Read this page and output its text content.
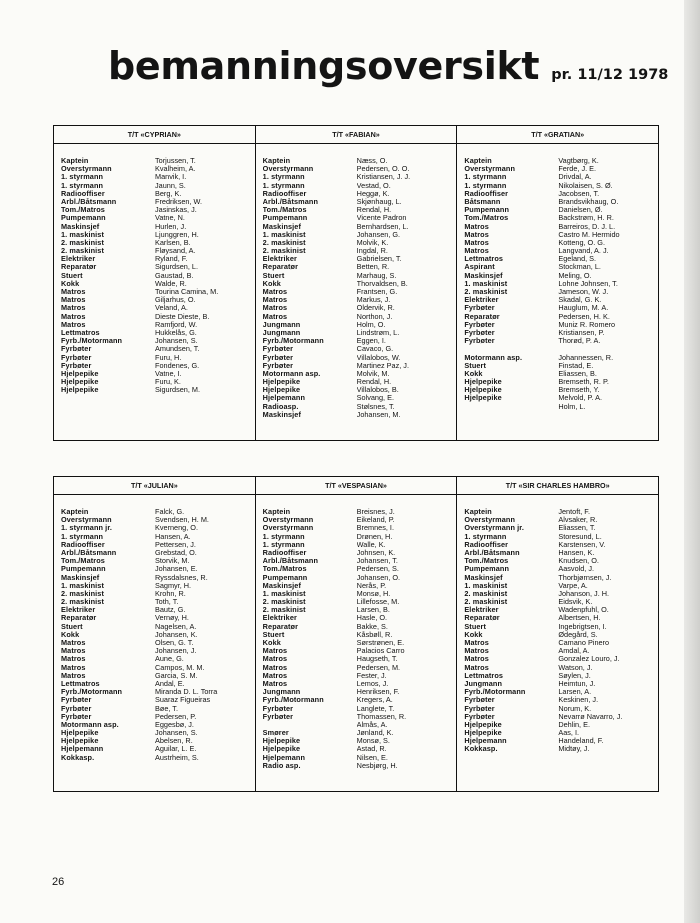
bemanningsoversikt pr. 11/12 1978
T/T «CYPRIAN»
Kaptein	Torjussen, T.
Overstyrmann	Kvalheim, A.
1. styrmann	Manvik, I.
1. styrmann	Jaunn, S.
Radiooffiser	Berg, K.
Arbl./Båtsmann	Fredriksen, W.
Tom./Matros	Jasinskas, J.
Pumpemann	Vatne, N.
Maskinsjef	Hurlen, J.
1. maskinist	Ljunggren, H.
2. maskinist	Karlsen, B.
2. maskinist	Fløysand, A.
Elektriker	Ryland, F.
Reparatør	Sigurdsen, L.
Stuert	Gaustad, B.
Kokk	Walde, R.
Matros	Tourina Camina, M.
Matros	Giljarhus, O.
Matros	Veland, A.
Matros	Dieste Dieste, B.
Matros	Ramfjord, W.
Lettmatros	Hukkelås, G.
Fyrb./Motormann	Johansen, S.
Fyrbøter	Amundsen, T.
Fyrbøter	Furu, H.
Fyrbøter	Fondenes, G.
Hjelpepike	Vatne, I.
Hjelpepike	Furu, K.
Hjelpepike	Sigurdsen, M.
T/T «FABIAN»
Kaptein	Næss, O.
Overstyrmann	Pedersen, O. O.
1. styrmann	Kristiansen, J. J.
1. styrmann	Vestad, O.
Radiooffiser	Heggø, K.
Arbl./Båtsmann	Skjønhaug, L.
Tom./Matros	Rendal, H.
Pumpemann	Vicente Padron
Maskinsjef	Bernhardsen, L.
1. maskinist	Johansen, G.
2. maskinist	Molvik, K.
2. maskinist	Ingdal, R.
Elektriker	Gabrielsen, T.
Reparatør	Betten, R.
Stuert	Marhaug, S.
Kokk	Thorvaldsen, B.
Matros	Frantsen, G.
Matros	Markus, J.
Matros	Oldervik, R.
Matros	Northon, J.
Jungmann	Holm, O.
Jungmann	Lindstrøm, L.
Fyrb./Motormann	Eggen, I.
Fyrbøter	Cavaco, G.
Fyrbøter	Villalobos, W.
Fyrbøter	Martinez Paz, J.
Motormann asp.	Molvik, M.
Hjelpepike	Rendal, H.
Hjelpepike	Villalobos, B.
Hjelpemann	Solvang, E.
Radioasp.	Stølsnes, T.
Maskinsjef	Johansen, M.
T/T «GRATIAN»
Kaptein	Vagtbørg, K.
Overstyrmann	Ferde, J. E.
1. styrmann	Drivdal, A.
1. styrmann	Nikolaisen, S. Ø.
Radiooffiser	Jacobsen, T.
Båtsmann	Brandsvikhaug, O.
Pumpemann	Danielsen, Ø.
Tom./Matros	Backstrøm, H. R.
Matros	Barreiros, D. J. L.
Matros	Castro M. Hermido
Matros	Kotteng, O. G.
Matros	Langvand, A. J.
Lettmatros	Egeland, S.
Aspirant	Stockman, L.
Maskinsjef	Meling, O.
1. maskinist	Lohne Johnsen, T.
2. maskinist	Jameson, W. J.
Elektriker	Skadal, G. K.
Fyrbøter	Hauglum, M. A.
Reparatør	Pedersen, H. K.
Fyrbøter	Muniz R. Romero
Fyrbøter	Kristiansen, P.
Fyrbøter	Thorød, P. A.
Motormann asp.	Johannessen, R.
Stuert	Finstad, E.
Kokk	Eliassen, B.
Hjelpepike	Bremseth, R. P.
Hjelpepike	Bremseth, Y.
Hjelpepike	Melvold, P. A.
Holm, L.
T/T «JULIAN»
Kaptein	Falck, G.
Overstyrmann	Svendsen, H. M.
1. styrmann jr.	Kverneng, O.
1. styrmann	Hansen, A.
Radiooffiser	Pettersen, J.
Arbl./Båtsmann	Grebstad, O.
Tom./Matros	Storvik, M.
Pumpemann	Johansen, E.
Maskinsjef	Ryssdalsnes, R.
1. maskinist	Sagmyr, H.
2. maskinist	Krohn, R.
2. maskinist	Toth, T.
Elektriker	Bautz, G.
Reparatør	Vernøy, H.
Stuert	Nagelsen, A.
Kokk	Johansen, K.
Matros	Olsen, G. T.
Matros	Johansen, J.
Matros	Aune, G.
Matros	Campos, M. M.
Matros	Garcia, S. M.
Lettmatros	Andal, E.
Fyrb./Motormann	Miranda D. L. Torra
Fyrbøter	Suaraz Figueiras
Fyrbøter	Bøe, T.
Fyrbøter	Pedersen, P.
Motormann asp.	Eggesbø, J.
Hjelpepike	Johansen, S.
Hjelpepike	Abelsen, R.
Hjelpemann	Aguilar, L. E.
Kokkasp.	Austrheim, S.
T/T «VESPASIAN»
Kaptein	Breisnes, J.
Overstyrmann	Eikeland, P.
Overstyrmann	Bremnes, I.
1. styrmann	Drønen, H.
1. styrmann	Walle, K.
Radiooffiser	Johnsen, K.
Arbl./Båtsmann	Johansen, T.
Tom./Matros	Pedersen, S.
Pumpemann	Johansen, O.
Maskinsjef	Nerås, P.
1. maskinist	Monsø, H.
2. maskinist	Lillefosse, M.
2. maskinist	Larsen, B.
Elektriker	Hasle, O.
Reparatør	Bakke, S.
Stuert	Kåsbøll, R.
Kokk	Sørstrønen, E.
Matros	Palacios Carro
Matros	Haugseth, T.
Matros	Pedersen, M.
Matros	Fester, J.
Matros	Lemos, J.
Jungmann	Henriksen, F.
Fyrb./Motormann	Kregers, A.
Fyrbøter	Langlete, T.
Fyrbøter	Thomassen, R.
Almås, A.
Smører	Jønland, K.
Hjelpepike	Monsø, S.
Hjelpepike	Astad, R.
Hjelpemann	Nilsen, E.
Radio asp.	Nesbjørg, H.
T/T «SIR CHARLES HAMBRO»
Kaptein	Jentoft, F.
Overstyrmann	Alvsaker, R.
Overstyrmann jr.	Eliassen, T.
1. styrmann	Storesund, L.
Radiooffiser	Karstensen, V.
Arbl./Båtsmann	Hansen, K.
Tom./Matros	Knudsen, O.
Pumpemann	Aasvold, J.
Maskinsjef	Thorbjørnsen, J.
1. maskinist	Varpe, A.
2. maskinist	Johanson, J. H.
2. maskinist	Eidsvik, K.
Elektriker	Wadenpfuhl, O.
Reparatør	Albertsen, H.
Stuert	Ingebrigtsen, I.
Kokk	Ødegård, S.
Matros	Camano Pinero
Matros	Amdal, A.
Matros	Gonzalez Louro, J.
Matros	Watson, J.
Lettmatros	Søylen, J.
Jungmann	Heimtun, J.
Fyrb./Motormann	Larsen, A.
Fyrbøter	Keskinen, J.
Fyrbøter	Norum, K.
Fyrbøter	Nevarrø Navarro, J.
Hjelpepike	Dehlin, E.
Hjelpepike	Aas, I.
Hjelpemann	Handeland, F.
Kokkasp.	Midtøy, J.
26
